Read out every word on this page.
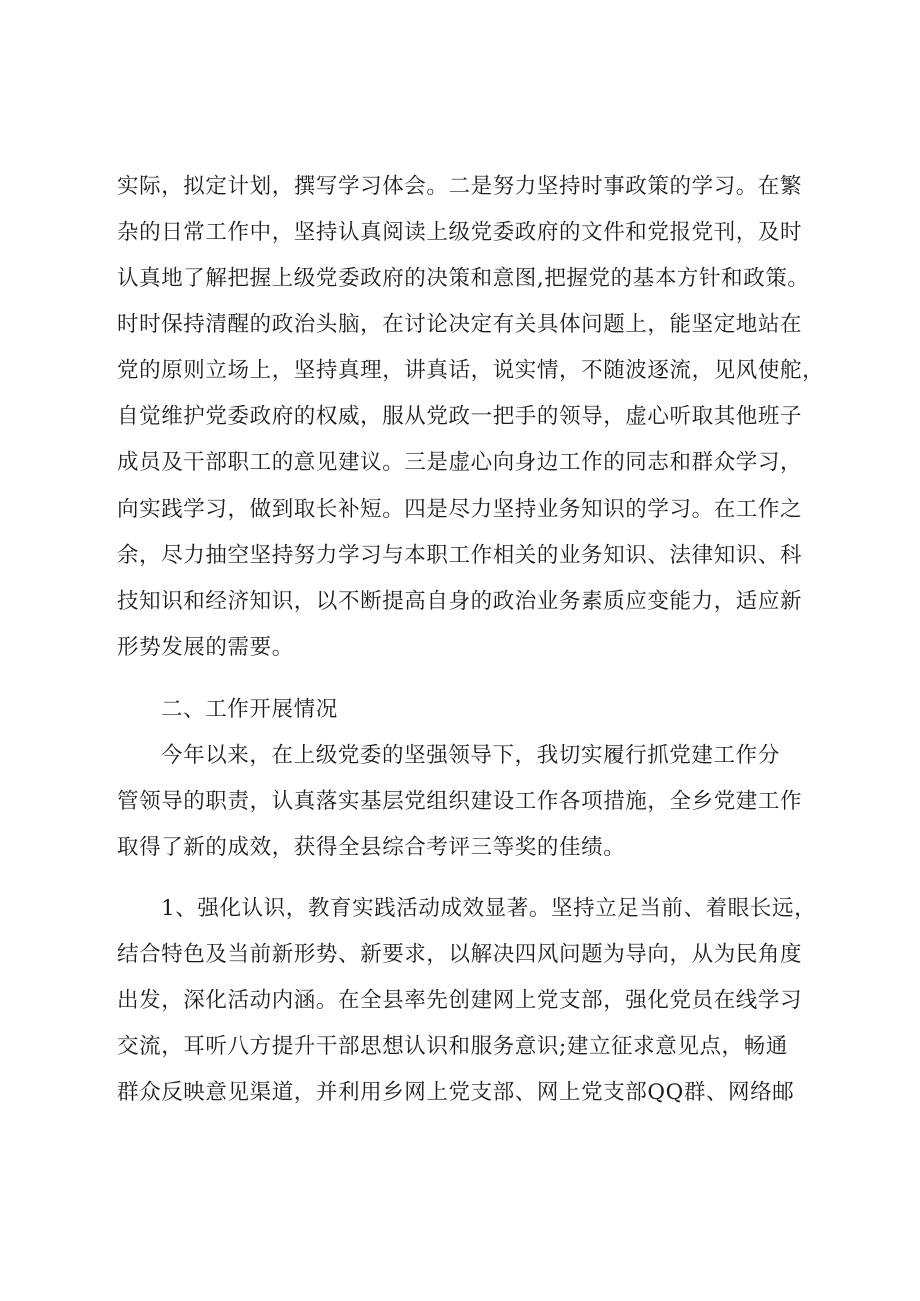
实际，拟定计划，撰写学习体会。二是努力坚持时事政策的学习。在繁
杂的日常工作中，坚持认真阅读上级党委政府的文件和党报党刊，及时
认真地了解把握上级党委政府的决策和意图,把握党的基本方针和政策。
时时保持清醒的政治头脑，在讨论决定有关具体问题上，能坚定地站在
党的原则立场上，坚持真理，讲真话，说实情，不随波逐流，见风使舵，
自觉维护党委政府的权威，服从党政一把手的领导，虚心听取其他班子
成员及干部职工的意见建议。三是虚心向身边工作的同志和群众学习，
向实践学习，做到取长补短。四是尽力坚持业务知识的学习。在工作之
余，尽力抽空坚持努力学习与本职工作相关的业务知识、法律知识、科
技知识和经济知识，以不断提高自身的政治业务素质应变能力，适应新
形势发展的需要。
二、工作开展情况
今年以来，在上级党委的坚强领导下，我切实履行抓党建工作分
管领导的职责，认真落实基层党组织建设工作各项措施，全乡党建工作
取得了新的成效，获得全县综合考评三等奖的佳绩。
1、强化认识，教育实践活动成效显著。坚持立足当前、着眼长远，
结合特色及当前新形势、新要求，以解决四风问题为导向，从为民角度
出发，深化活动内涵。在全县率先创建网上党支部，强化党员在线学习
交流，耳听八方提升干部思想认识和服务意识;建立征求意见点，畅通
群众反映意见渠道，并利用乡网上党支部、网上党支部QQ群、网络邮
